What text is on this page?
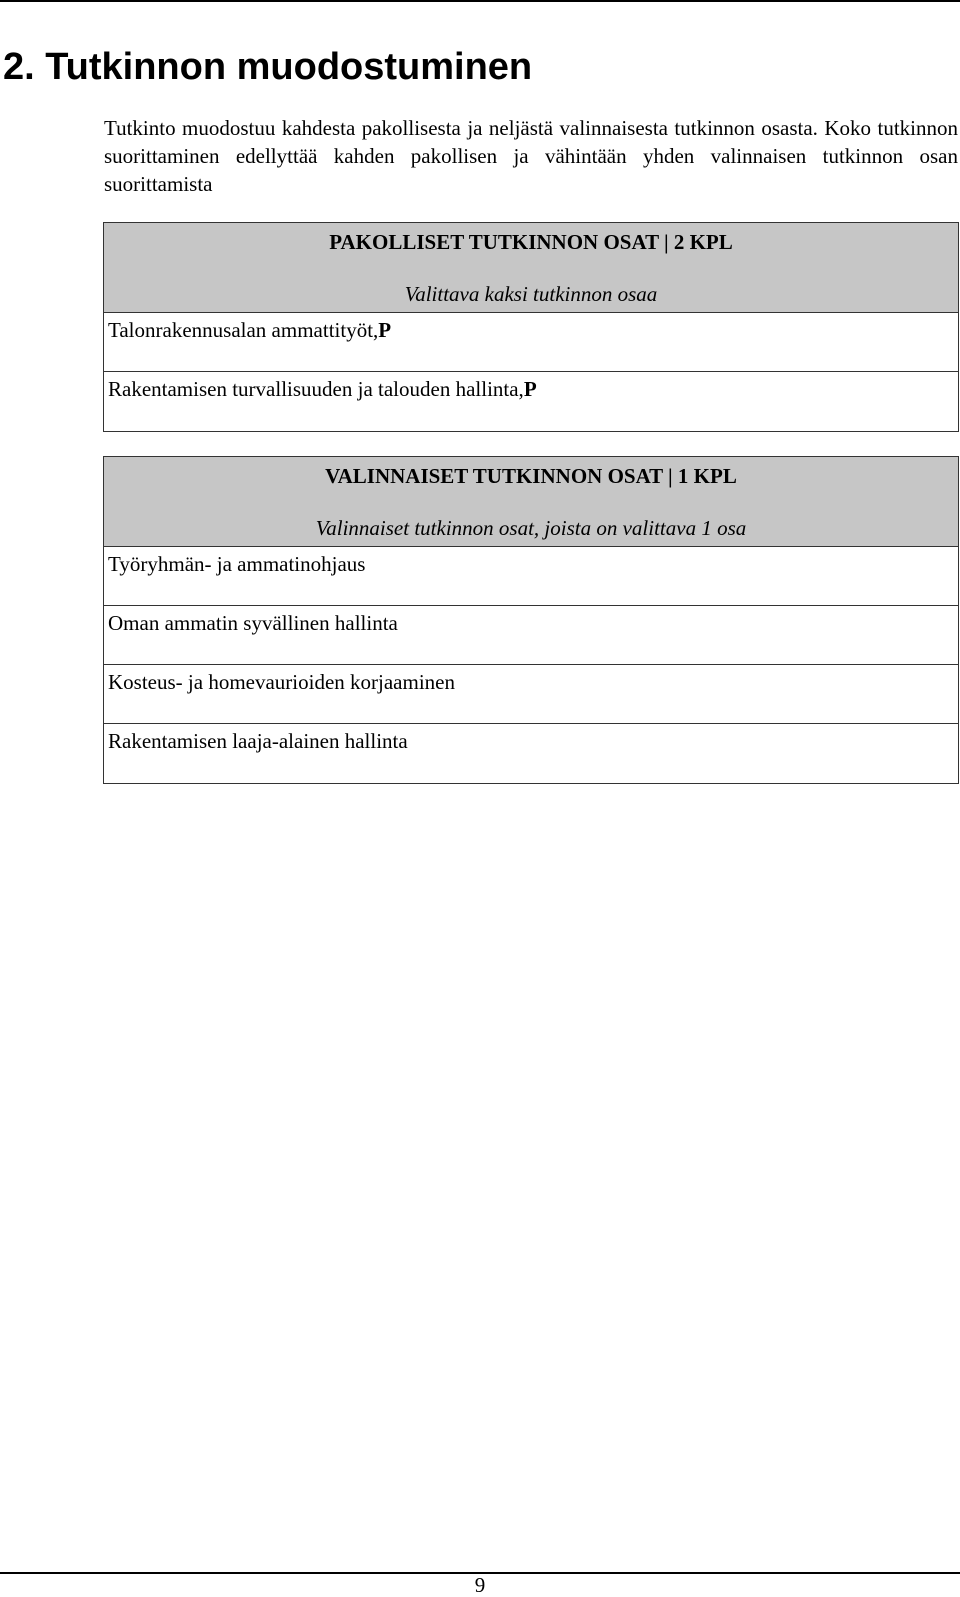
2. Tutkinnon muodostuminen

Tutkinto muodostuu kahdesta pakollisesta ja neljästä valinnaisesta tutkinnon osasta. Koko tutkinnon suorittaminen edellyttää kahden pakollisen ja vähintään yhden valinnaisen tutkinnon osan suorittamista

PAKOLLISET TUTKINNON OSAT | 2 KPL
Valittava kaksi tutkinnon osaa
Talonrakennusalan ammattityöt,P
Rakentamisen turvallisuuden ja talouden hallinta,P
VALINNAISET TUTKINNON OSAT | 1 KPL
Valinnaiset tutkinnon osat, joista on valittava 1 osa
Työryhmän- ja ammatinohjaus
Oman ammatin syvällinen hallinta
Kosteus- ja homevaurioiden korjaaminen
Rakentamisen laaja-alainen hallinta
9
